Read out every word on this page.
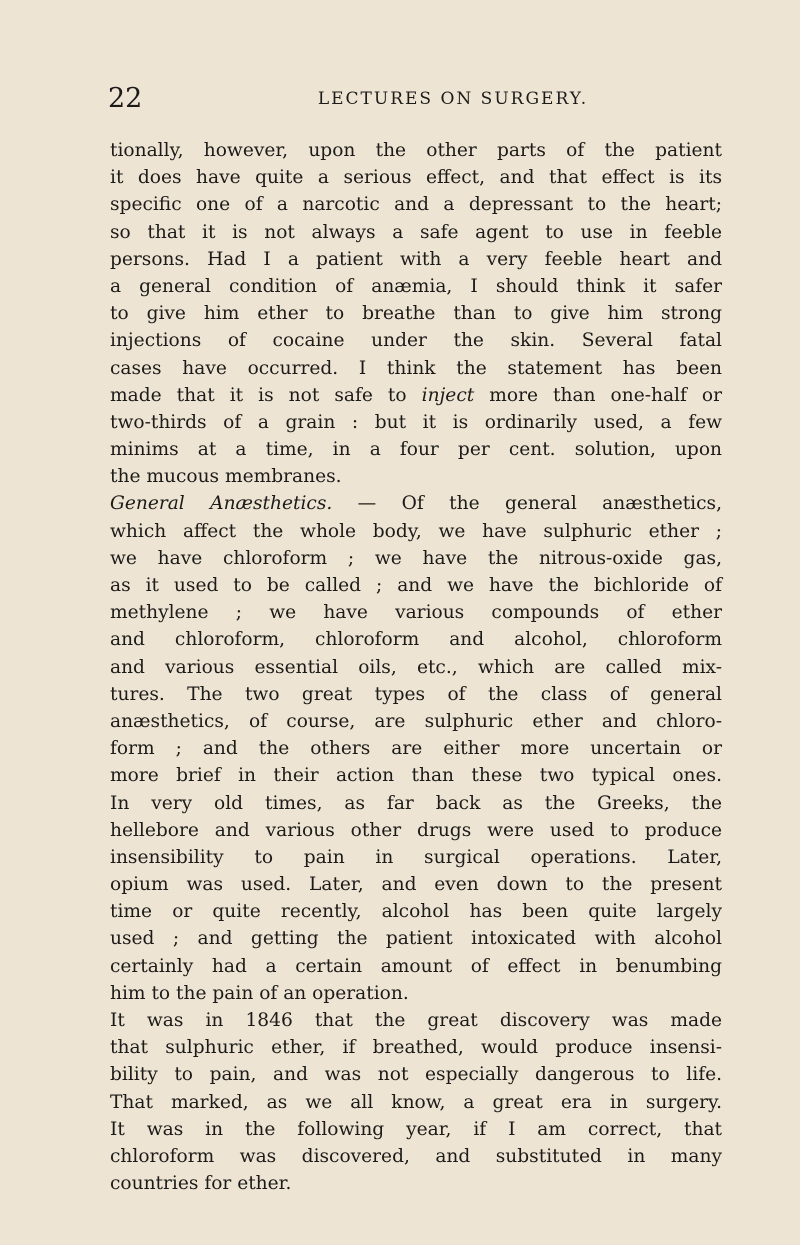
22	LECTURES ON SURGERY.
tionally, however, upon the other parts of the patient
it does have quite a serious effect, and that effect is its
specific one of a narcotic and a depressant to the heart;
so that it is not always a safe agent to use in feeble
persons. Had I a patient with a very feeble heart and
a general condition of anæmia, I should think it safer
to give him ether to breathe than to give him strong
injections of cocaine under the skin. Several fatal
cases have occurred. I think the statement has been
made that it is not safe to inject more than one-half or
two-thirds of a grain : but it is ordinarily used, a few
minims at a time, in a four per cent. solution, upon
the mucous membranes.
General Anæsthetics. — Of the general anæsthetics,
which affect the whole body, we have sulphuric ether ;
we have chloroform ; we have the nitrous-oxide gas,
as it used to be called ; and we have the bichloride of
methylene ; we have various compounds of ether
and chloroform, chloroform and alcohol, chloroform
and various essential oils, etc., which are called mix-
tures. The two great types of the class of general
anæsthetics, of course, are sulphuric ether and chloro-
form ; and the others are either more uncertain or
more brief in their action than these two typical ones.
In very old times, as far back as the Greeks, the
hellebore and various other drugs were used to produce
insensibility to pain in surgical operations. Later,
opium was used. Later, and even down to the present
time or quite recently, alcohol has been quite largely
used ; and getting the patient intoxicated with alcohol
certainly had a certain amount of effect in benumbing
him to the pain of an operation.
It was in 1846 that the great discovery was made
that sulphuric ether, if breathed, would produce insensi-
bility to pain, and was not especially dangerous to life.
That marked, as we all know, a great era in surgery.
It was in the following year, if I am correct, that
chloroform was discovered, and substituted in many
countries for ether.
